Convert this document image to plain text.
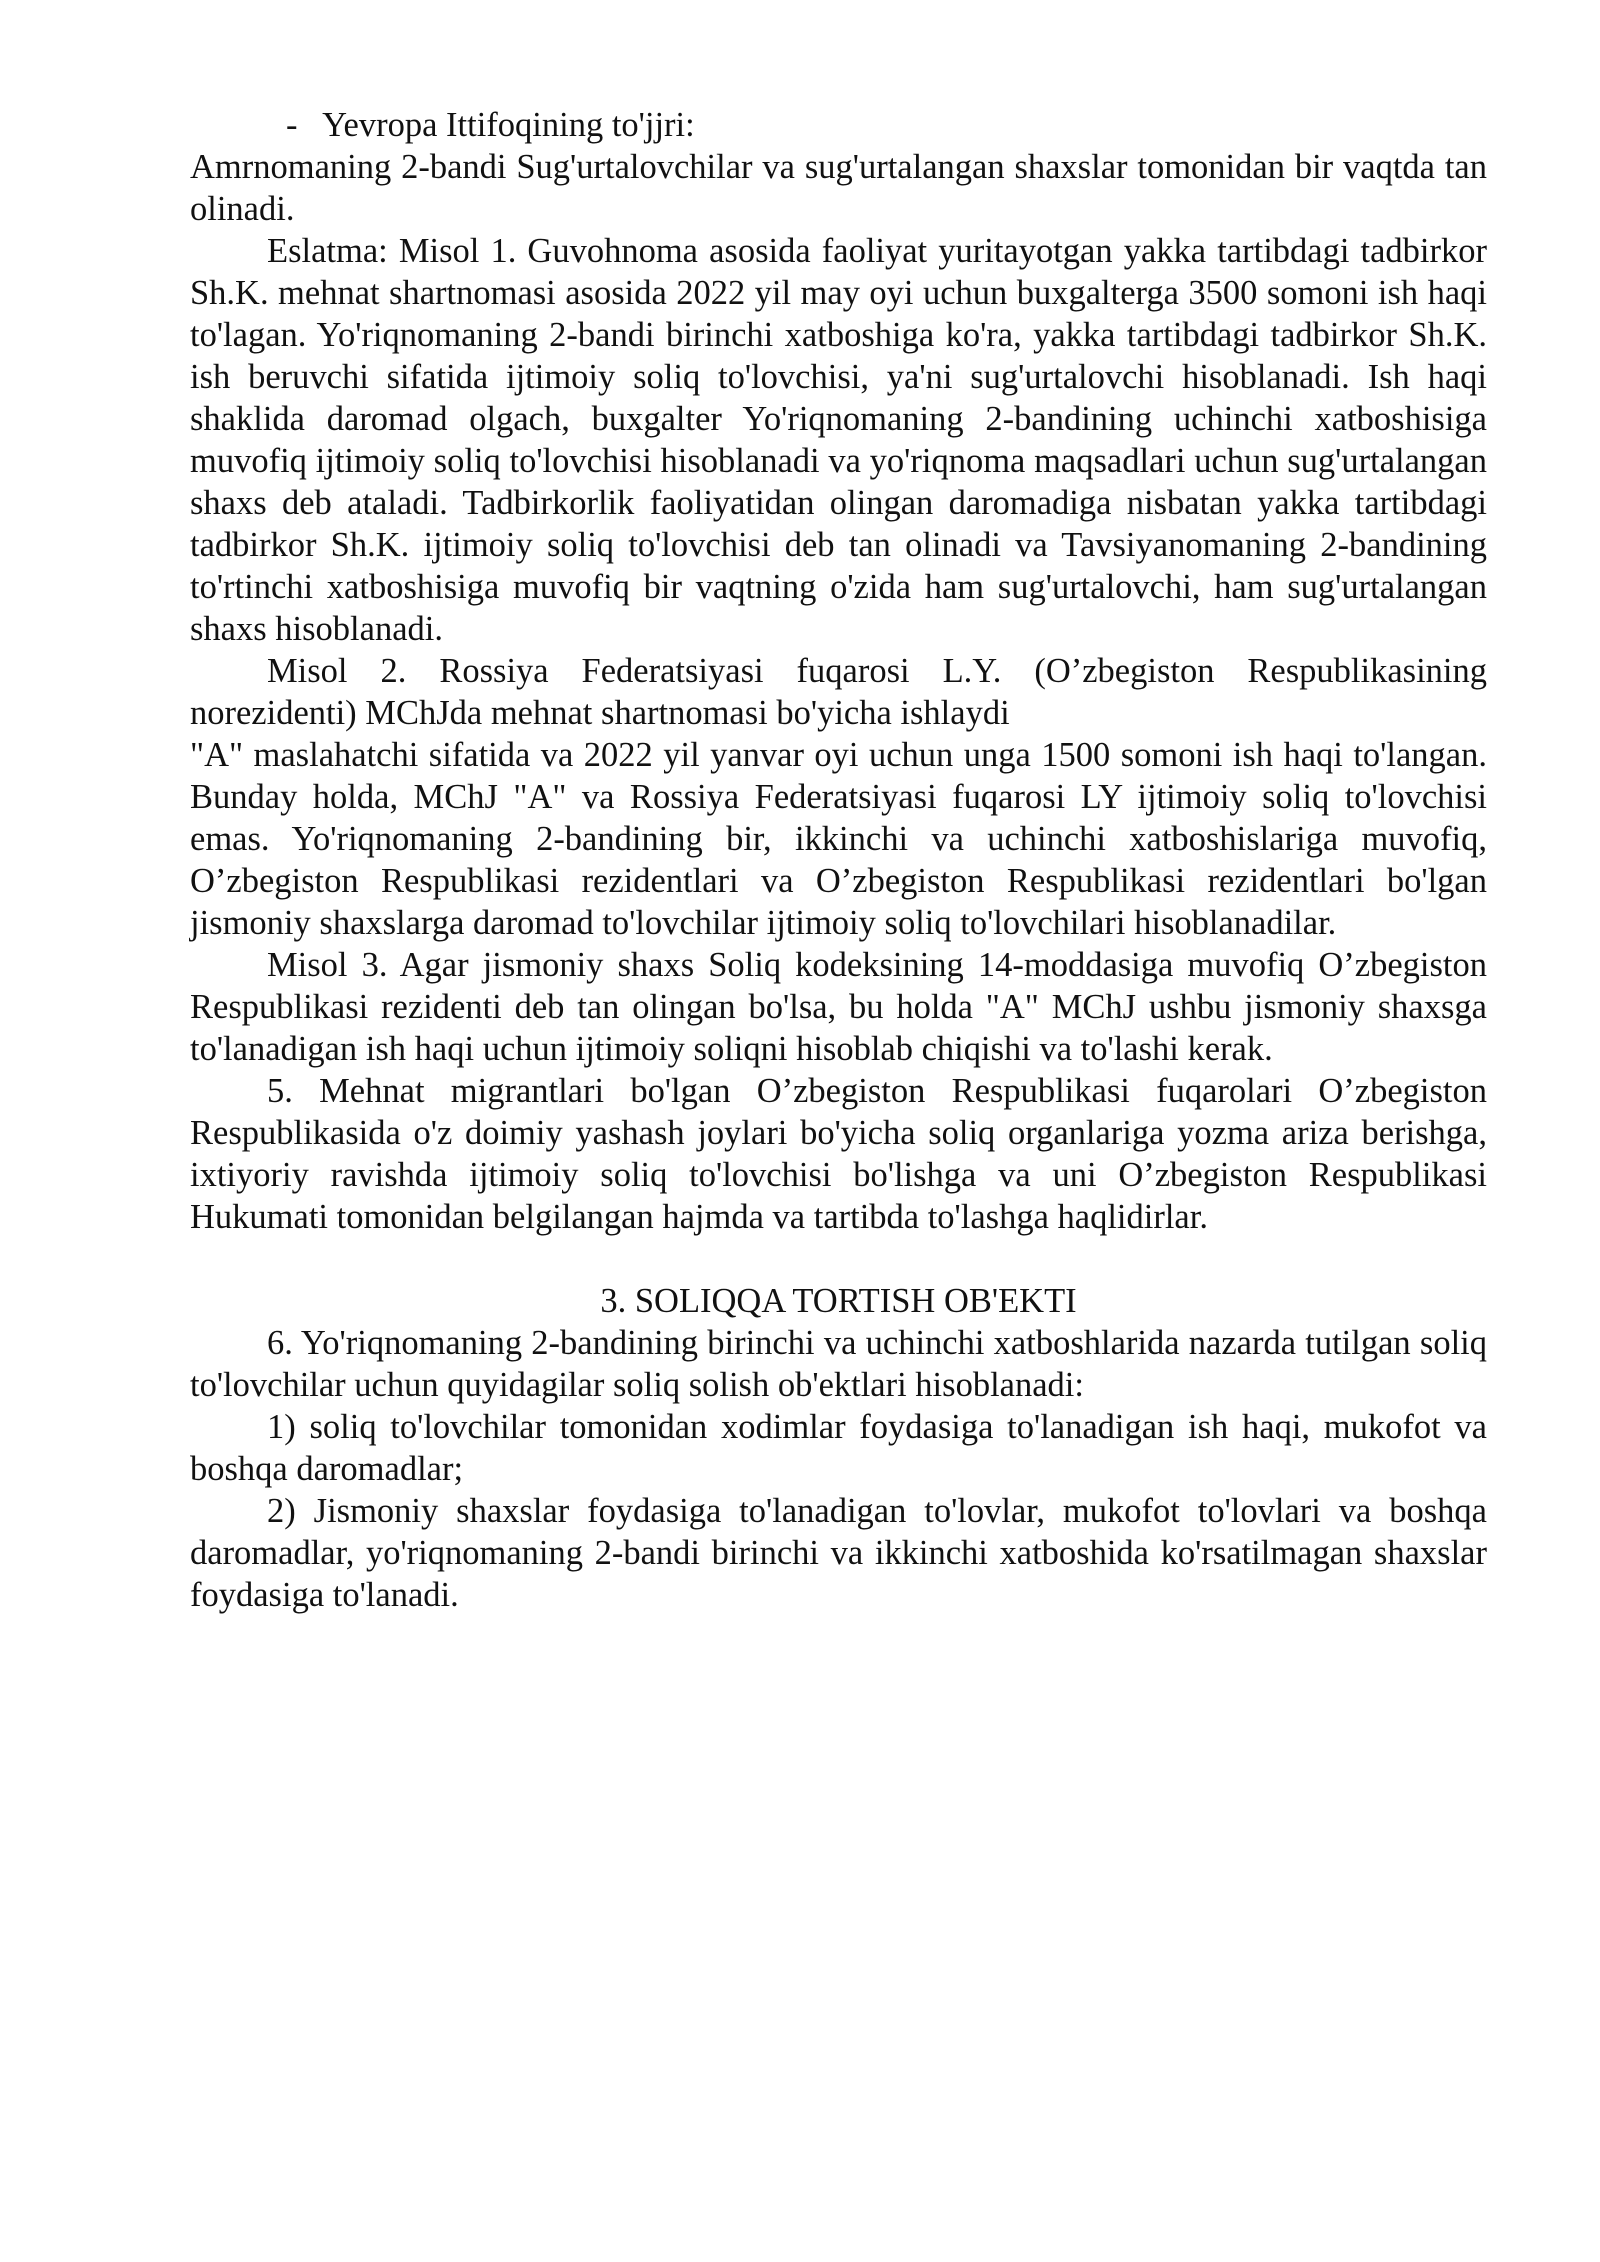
-   Yevropa Ittifoqining to'jjri:

Amrnomaning 2-bandi Sug'urtalovchilar va sug'urtalangan shaxslar tomonidan bir vaqtda tan olinadi.

Eslatma: Misol 1. Guvohnoma asosida faoliyat yuritayotgan yakka tartibdagi tadbirkor Sh.K. mehnat shartnomasi asosida 2022 yil may oyi uchun buxgalterga 3500 somoni ish haqi to'lagan. Yo'riqnomaning 2-bandi birinchi xatboshiga ko'ra, yakka tartibdagi tadbirkor Sh.K. ish beruvchi sifatida ijtimoiy soliq to'lovchisi, ya'ni sug'urtalovchi hisoblanadi. Ish haqi shaklida daromad olgach, buxgalter Yo'riqnomaning 2-bandining uchinchi xatboshisiga muvofiq ijtimoiy soliq to'lovchisi hisoblanadi va yo'riqnoma maqsadlari uchun sug'urtalangan shaxs deb ataladi. Tadbirkorlik faoliyatidan olingan daromadiga nisbatan yakka tartibdagi tadbirkor Sh.K. ijtimoiy soliq to'lovchisi deb tan olinadi va Tavsiyanomaning 2-bandining to'rtinchi xatboshisiga muvofiq bir vaqtning o'zida ham sug'urtalovchi, ham sug'urtalangan shaxs hisoblanadi.

Misol 2. Rossiya Federatsiyasi fuqarosi L.Y. (O’zbegiston Respublikasining norezidenti) MChJda mehnat shartnomasi bo'yicha ishlaydi

"A" maslahatchi sifatida va 2022 yil yanvar oyi uchun unga 1500 somoni ish haqi to'langan. Bunday holda, MChJ "A" va Rossiya Federatsiyasi fuqarosi LY ijtimoiy soliq to'lovchisi emas. Yo'riqnomaning 2-bandining bir, ikkinchi va uchinchi xatboshislariga muvofiq, O’zbegiston Respublikasi rezidentlari va O’zbegiston Respublikasi rezidentlari bo'lgan jismoniy shaxslarga daromad to'lovchilar ijtimoiy soliq to'lovchilari hisoblanadilar.

Misol 3. Agar jismoniy shaxs Soliq kodeksining 14-moddasiga muvofiq O’zbegiston Respublikasi rezidenti deb tan olingan bo'lsa, bu holda "A" MChJ ushbu jismoniy shaxsga to'lanadigan ish haqi uchun ijtimoiy soliqni hisoblab chiqishi va to'lashi kerak.

5. Mehnat migrantlari bo'lgan O’zbegiston Respublikasi fuqarolari O’zbegiston Respublikasida o'z doimiy yashash joylari bo'yicha soliq organlariga yozma ariza berishga, ixtiyoriy ravishda ijtimoiy soliq to'lovchisi bo'lishga va uni O’zbegiston Respublikasi Hukumati tomonidan belgilangan hajmda va tartibda to'lashga haqlidirlar.

3. SOLIQQA TORTISH OB'EKTI

6. Yo'riqnomaning 2-bandining birinchi va uchinchi xatboshlarida nazarda tutilgan soliq to'lovchilar uchun quyidagilar soliq solish ob'ektlari hisoblanadi:

1) soliq to'lovchilar tomonidan xodimlar foydasiga to'lanadigan ish haqi, mukofot va boshqa daromadlar;

2) Jismoniy shaxslar foydasiga to'lanadigan to'lovlar, mukofot to'lovlari va boshqa daromadlar, yo'riqnomaning 2-bandi birinchi va ikkinchi xatboshida ko'rsatilmagan shaxslar foydasiga to'lanadi.
